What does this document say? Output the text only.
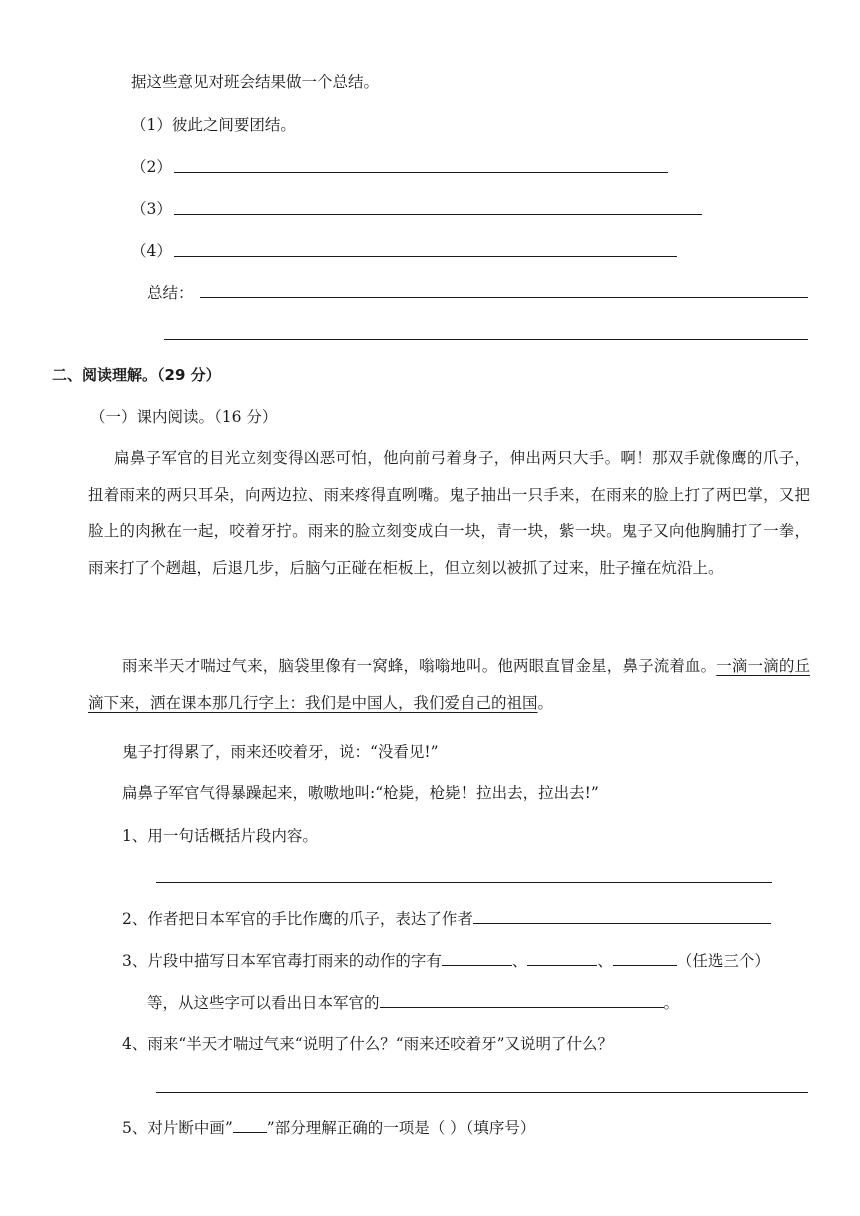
据这些意见对班会结果做一个总结。
（1）彼此之间要团结。
（2）
（3）
（4）
总结：
二、阅读理解。（29 分）
（一）课内阅读。（16 分）
扁鼻子军官的目光立刻变得凶恶可怕，他向前弓着身子，伸出两只大手。啊！那双手就像鹰的爪子，扭着雨来的两只耳朵，向两边拉、雨来疼得直咧嘴。鬼子抽出一只手来，在雨来的脸上打了两巴掌，又把脸上的肉揪在一起，咬着牙拧。雨来的脸立刻变成白一块，青一块，紫一块。鬼子又向他胸脯打了一拳，雨来打了个趔趄，后退几步，后脑勺正碰在柜板上，但立刻以被抓了过来，肚子撞在炕沿上。
雨来半天才喘过气来，脑袋里像有一窝蜂，嗡嗡地叫。他两眼直冒金星，鼻子流着血。一滴一滴的丘滴下来，洒在课本那几行字上：我们是中国人，我们爱自己的祖国。
鬼子打得累了，雨来还咬着牙，说：“没看见!”
扁鼻子军官气得暴躁起来，嗷嗷地叫:“枪毙，枪毙！拉出去，拉出去!”
1、用一句话概括片段内容。
2、作者把日本军官的手比作鹰的爪子，表达了作者
3、片段中描写日本军官毒打雨来的动作的字有	、	、	（任选三个）
等，从这些字可以看出日本军官的	。
4、雨来“半天才喘过气来“说明了什么？“雨来还咬着牙”又说明了什么？
5、对片断中画” ”部分理解正确的一项是（ ）（填序号）
